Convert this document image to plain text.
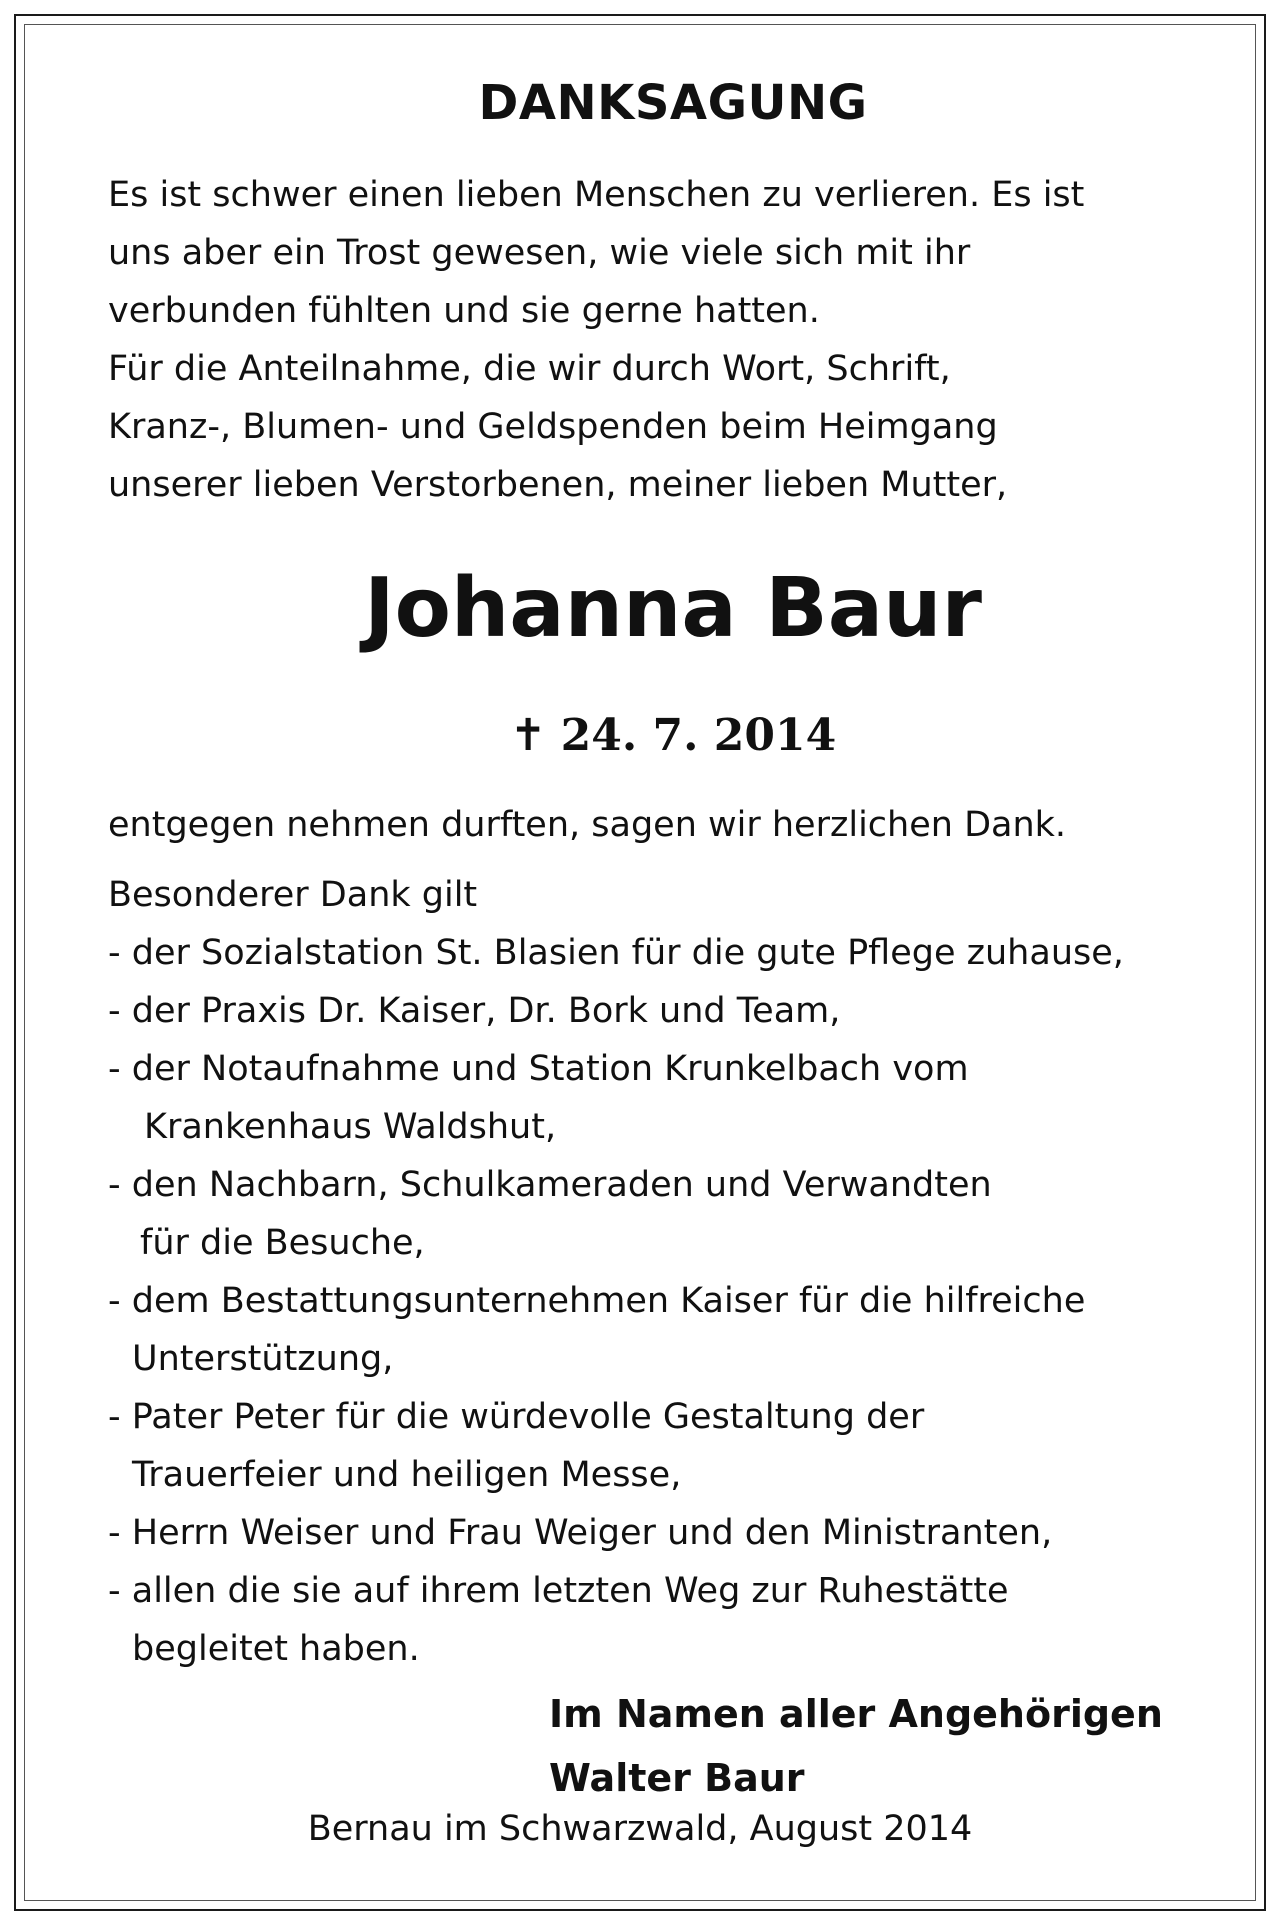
DANKSAGUNG
Es ist schwer einen lieben Menschen zu verlieren. Es ist
uns aber ein Trost gewesen, wie viele sich mit ihr
verbunden fühlten und sie gerne hatten.
Für die Anteilnahme, die wir durch Wort, Schrift,
Kranz-, Blumen- und Geldspenden beim Heimgang
unserer lieben Verstorbenen, meiner lieben Mutter,
Johanna Baur
✝ 24. 7. 2014
entgegen nehmen durften, sagen wir herzlichen Dank.
Besonderer Dank gilt
- der Sozialstation St. Blasien für die gute Pflege zuhause,
- der Praxis Dr. Kaiser, Dr. Bork und Team,
- der Notaufnahme und Station Krunkelbach vom
Krankenhaus Waldshut,
- den Nachbarn, Schulkameraden und Verwandten
für die Besuche,
- dem Bestattungsunternehmen Kaiser für die hilfreiche
Unterstützung,
- Pater Peter für die würdevolle Gestaltung der
Trauerfeier und heiligen Messe,
- Herrn Weiser und Frau Weiger und den Ministranten,
- allen die sie auf ihrem letzten Weg zur Ruhestätte
begleitet haben.
Im Namen aller Angehörigen
Walter Baur
Bernau im Schwarzwald, August 2014
